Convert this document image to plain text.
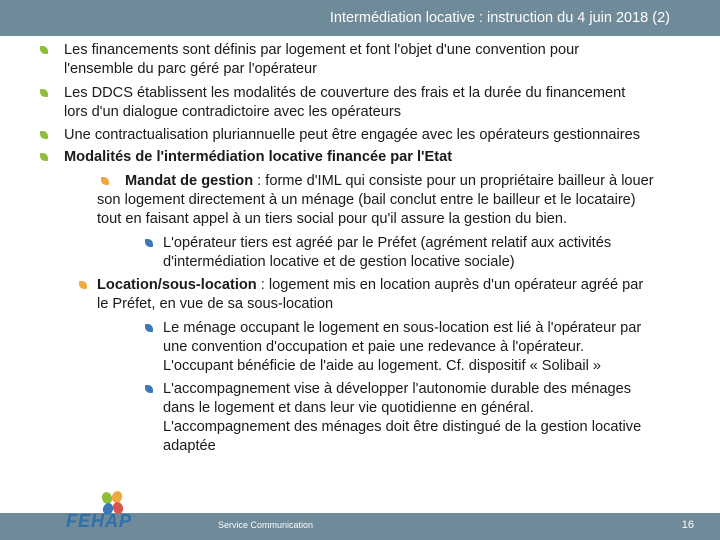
Intermédiation locative : instruction du 4 juin 2018 (2)
Les financements sont définis par logement et font l'objet d'une convention pour
l'ensemble du parc géré par l'opérateur
Les DDCS établissent les modalités de couverture des frais et la durée du financement
lors d'un dialogue contradictoire avec les opérateurs
Une contractualisation pluriannuelle peut être engagée avec les opérateurs gestionnaires
Modalités de l'intermédiation locative financée par l'Etat
Mandat de gestion : forme d'IML qui consiste pour un propriétaire bailleur à louer
son logement directement à un ménage (bail conclut entre le bailleur et le locataire)
tout en faisant appel à un tiers social pour qu'il assure la gestion du bien.
L'opérateur tiers est agréé par le Préfet (agrément relatif aux activités
d'intermédiation locative et de gestion locative sociale)
Location/sous-location : logement mis en location auprès d'un opérateur agréé par
le Préfet, en vue de sa sous-location
Le ménage occupant le logement en sous-location est lié à l'opérateur par
une convention d'occupation et paie une redevance à l'opérateur.
L'occupant bénéficie de l'aide au logement. Cf. dispositif « Solibail »
L'accompagnement vise à développer l'autonomie durable des ménages
dans le logement et dans leur vie quotidienne en général.
L'accompagnement des ménages doit être distingué de la gestion locative
adaptée
FEHAP	Service Communication	16
